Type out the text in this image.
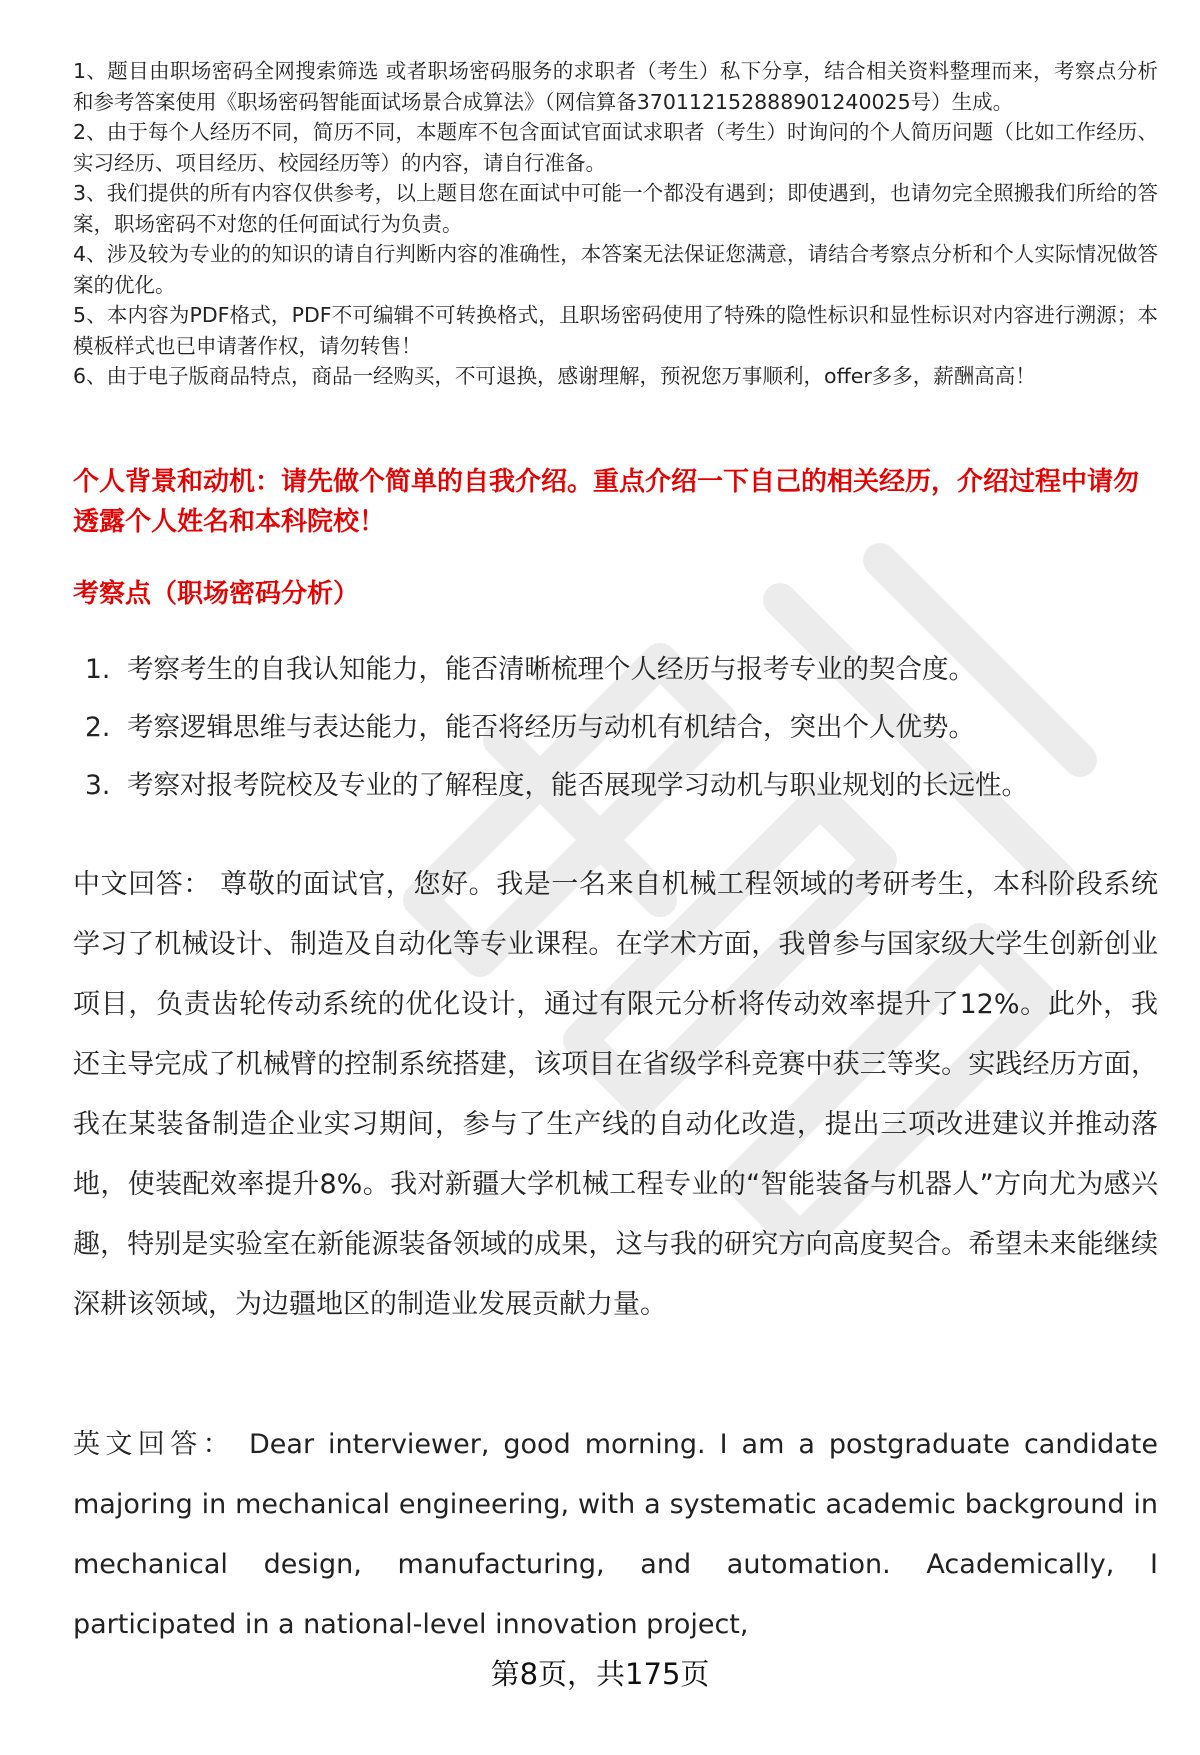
1、题目由职场密码全网搜索筛选 或者职场密码服务的求职者（考生）私下分享，结合相关资料整理而来，考察点分析和参考答案使用《职场密码智能面试场景合成算法》（网信算备370112152888901240025号）生成。

2、由于每个人经历不同，简历不同，本题库不包含面试官面试求职者（考生）时询问的个人简历问题（比如工作经历、实习经历、项目经历、校园经历等）的内容，请自行准备。

3、我们提供的所有内容仅供参考，以上题目您在面试中可能一个都没有遇到；即使遇到，也请勿完全照搬我们所给的答案，职场密码不对您的任何面试行为负责。

4、涉及较为专业的的知识的请自行判断内容的准确性，本答案无法保证您满意，请结合考察点分析和个人实际情况做答案的优化。

5、本内容为PDF格式，PDF不可编辑不可转换格式，且职场密码使用了特殊的隐性标识和显性标识对内容进行溯源；本模板样式也已申请著作权，请勿转售！

6、由于电子版商品特点，商品一经购买，不可退换，感谢理解，预祝您万事顺利，offer多多，薪酬高高！

个人背景和动机：请先做个简单的自我介绍。重点介绍一下自己的相关经历，介绍过程中请勿透露个人姓名和本科院校！

考察点（职场密码分析）

1. 考察考生的自我认知能力，能否清晰梳理个人经历与报考专业的契合度。
2. 考察逻辑思维与表达能力，能否将经历与动机有机结合，突出个人优势。
3. 考察对报考院校及专业的了解程度，能否展现学习动机与职业规划的长远性。

中文回答： 尊敬的面试官，您好。我是一名来自机械工程领域的考研考生，本科阶段系统学习了机械设计、制造及自动化等专业课程。在学术方面，我曾参与国家级大学生创新创业项目，负责齿轮传动系统的优化设计，通过有限元分析将传动效率提升了12%。此外，我还主导完成了机械臂的控制系统搭建，该项目在省级学科竞赛中获三等奖。实践经历方面，我在某装备制造企业实习期间，参与了生产线的自动化改造，提出三项改进建议并推动落地，使装配效率提升8%。我对新疆大学机械工程专业的“智能装备与机器人”方向尤为感兴趣，特别是实验室在新能源装备领域的成果，这与我的研究方向高度契合。希望未来能继续深耕该领域，为边疆地区的制造业发展贡献力量。

英文回答： Dear interviewer, good morning. I am a postgraduate candidate majoring in mechanical engineering, with a systematic academic background in mechanical design, manufacturing, and automation. Academically, I participated in a national-level innovation project,

第8页，共175页
